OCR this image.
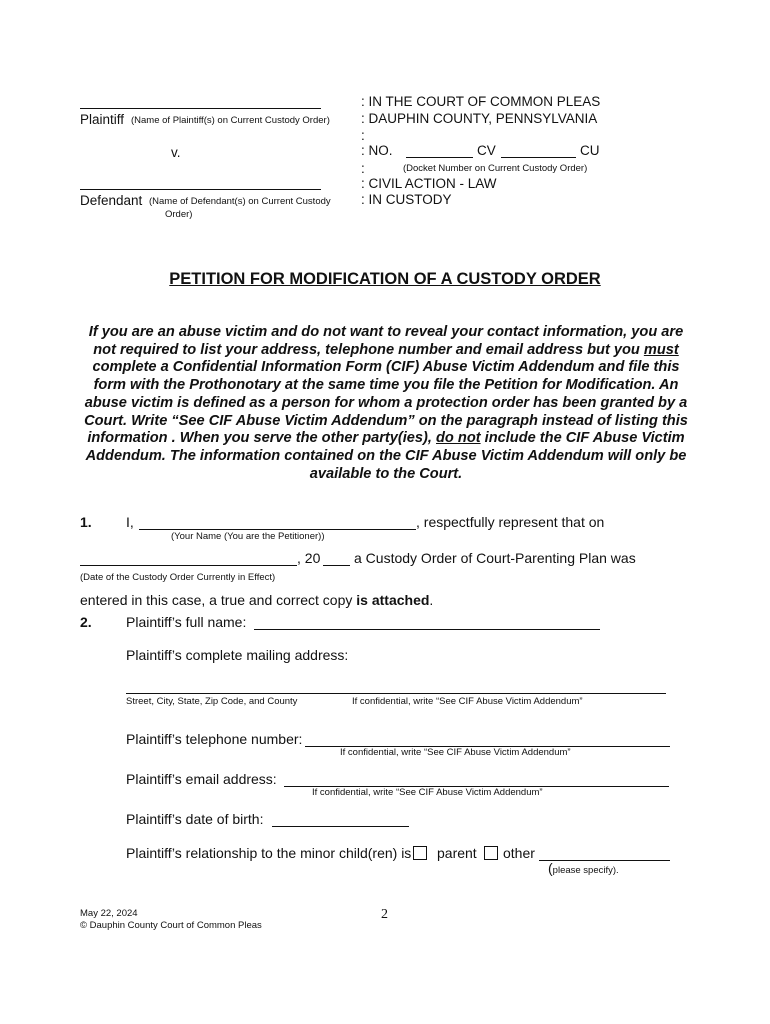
Plaintiff (Name of Plaintiff(s) on Current Custody Order)
v.
Defendant (Name of Defendant(s) on Current Custody
Order)
: IN THE COURT OF COMMON PLEAS
: DAUPHIN COUNTY, PENNSYLVANIA
:
: NO.	CV	CU
:	(Docket Number on Current Custody Order)
: CIVIL ACTION - LAW
: IN CUSTODY
PETITION FOR MODIFICATION OF A CUSTODY ORDER
If you are an abuse victim and do not want to reveal your contact information, you are not required to list your address, telephone number and email address but you must complete a Confidential Information Form (CIF) Abuse Victim Addendum and file this form with the Prothonotary at the same time you file the Petition for Modification. An abuse victim is defined as a person for whom a protection order has been granted by a Court. Write “See CIF Abuse Victim Addendum” on the paragraph instead of listing this information . When you serve the other party(ies), do not include the CIF Abuse Victim Addendum. The information contained on the CIF Abuse Victim Addendum will only be available to the Court.
1. I,	, respectfully represent that on
(Your Name (You are the Petitioner))
, 20 a Custody Order of Court-Parenting Plan was
(Date of the Custody Order Currently in Effect)
entered in this case, a true and correct copy is attached.
2. Plaintiff’s full name:
Plaintiff’s complete mailing address:
Street, City, State, Zip Code, and County	If confidential, write “See CIF Abuse Victim Addendum”
Plaintiff’s telephone number:
If confidential, write “See CIF Abuse Victim Addendum”
Plaintiff’s email address:
If confidential, write “See CIF Abuse Victim Addendum”
Plaintiff’s date of birth:
Plaintiff’s relationship to the minor child(ren) is parent other
(please specify).
May 22, 2024
© Dauphin County Court of Common Pleas
2
